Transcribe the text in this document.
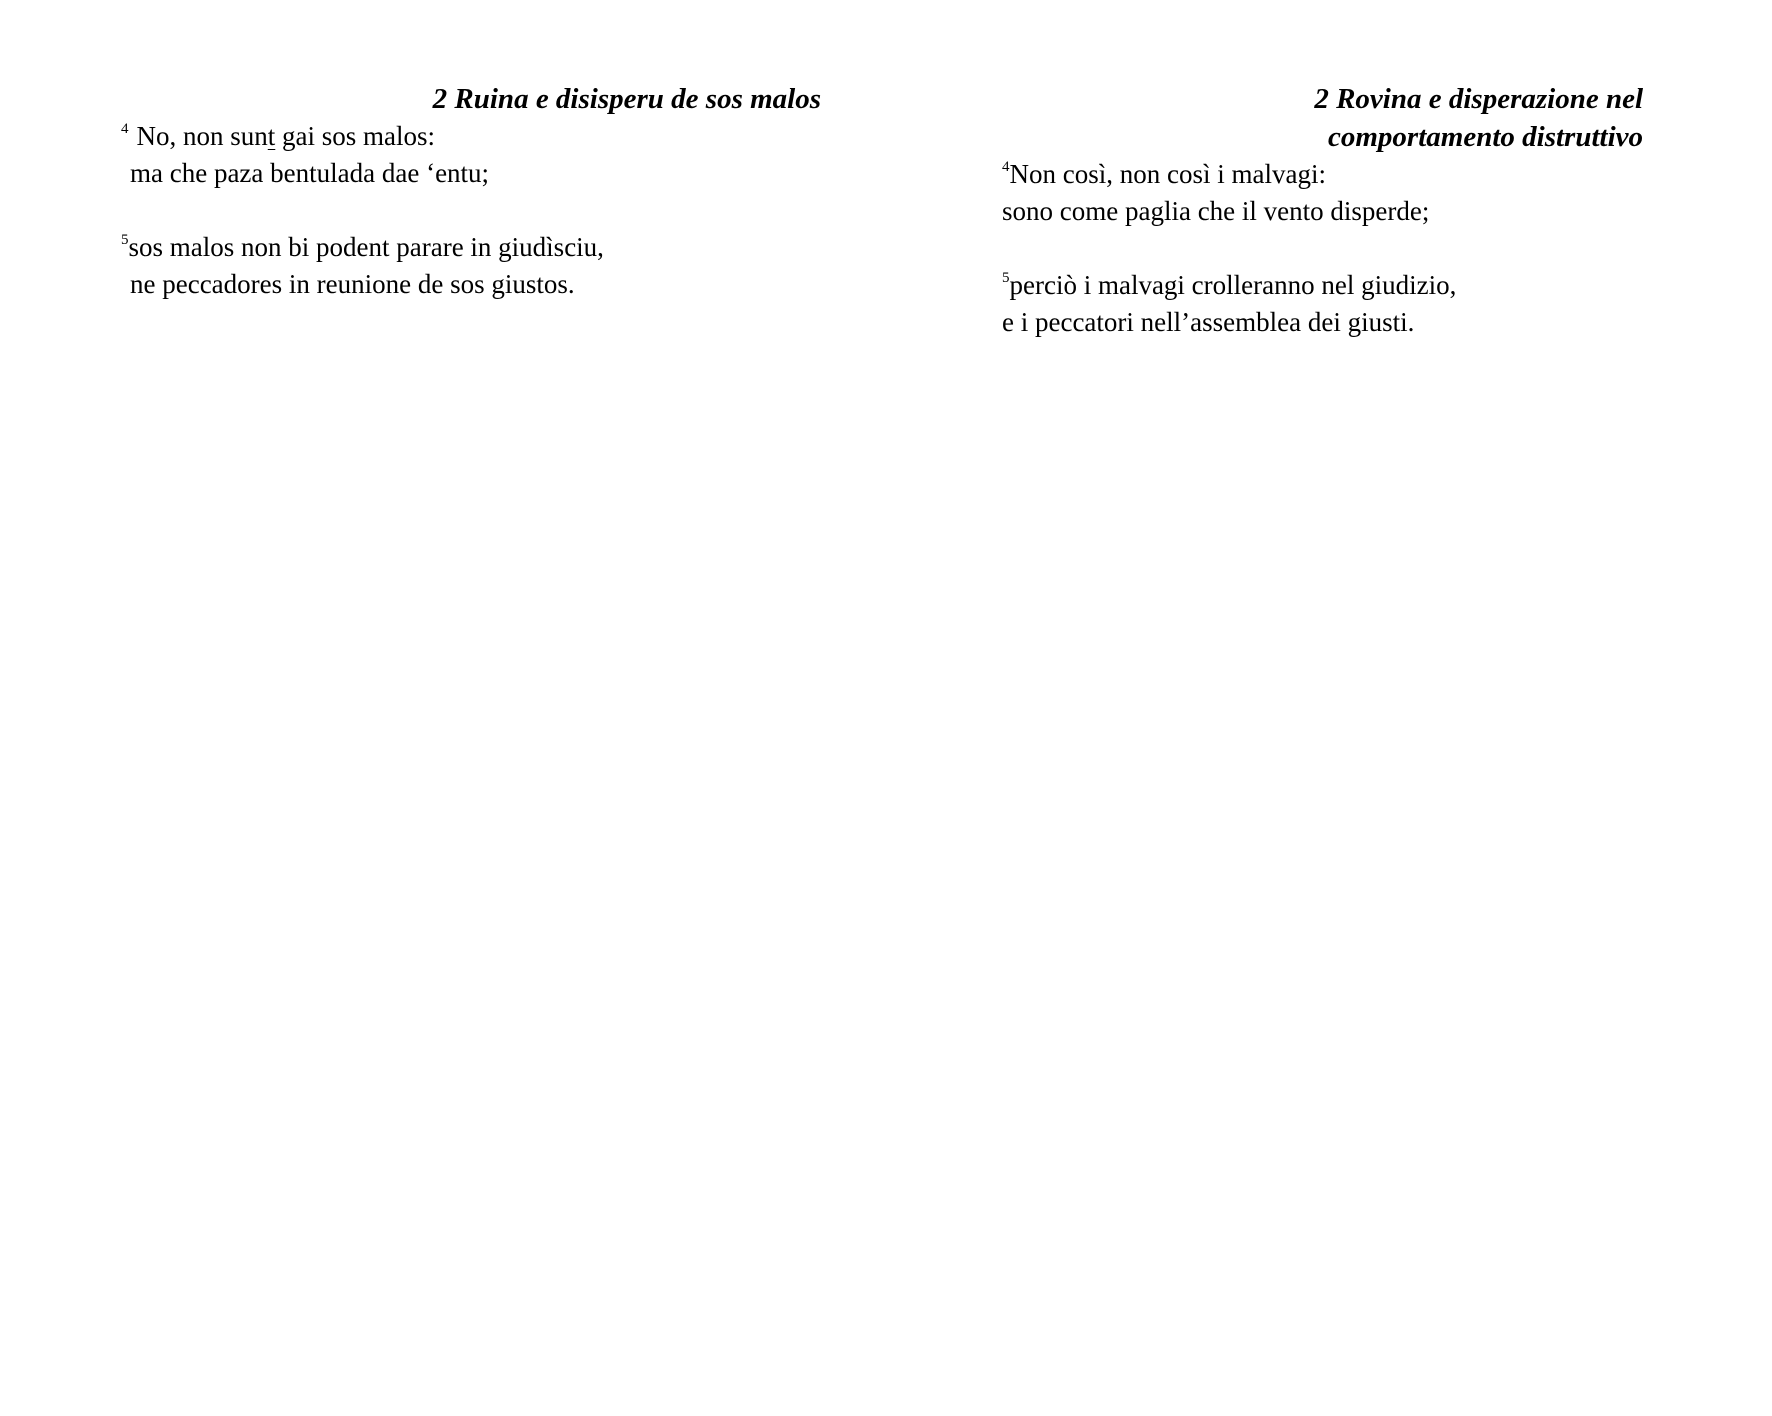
2 Ruina e disisperu de sos malos

$^4$ No, non sunt gai sos malos:
ma che paza bentulada dae ‘entu;

$^5$sos malos non bi podent parare in giudìsciu,
ne peccadores in reunione de sos giustos.

2 Rovina e disperazione nel
comportamento distruttivo

$^4$Non così, non così i malvagi:
sono come paglia che il vento disperde;

$^5$perciò i malvagi crolleranno nel giudizio,
e i peccatori nell’assemblea dei giusti.
